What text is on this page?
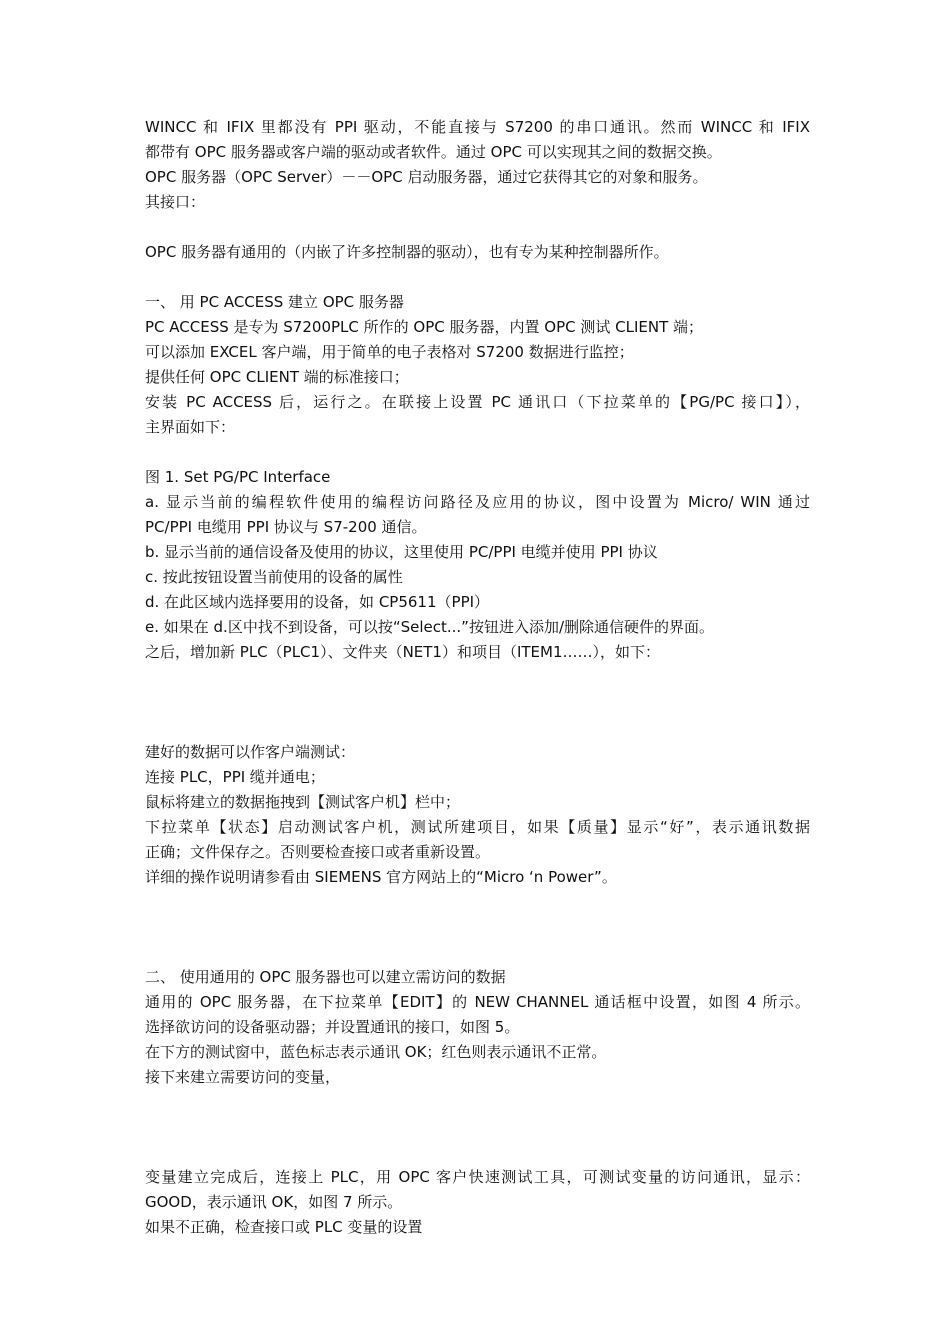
WINCC 和 IFIX 里都没有 PPI 驱动，不能直接与 S7200 的串口通讯。然而 WINCC 和 IFIX
都带有 OPC 服务器或客户端的驱动或者软件。通过 OPC 可以实现其之间的数据交换。
OPC 服务器（OPC Server）－－OPC 启动服务器，通过它获得其它的对象和服务。
其接口：
OPC 服务器有通用的（内嵌了许多控制器的驱动），也有专为某种控制器所作。
一、 用 PC ACCESS 建立 OPC 服务器
PC ACCESS 是专为 S7200PLC 所作的 OPC 服务器，内置 OPC 测试 CLIENT 端；
可以添加 EXCEL 客户端，用于简单的电子表格对 S7200 数据进行监控；
提供任何 OPC CLIENT 端的标准接口；
安装 PC ACCESS 后，运行之。在联接上设置 PC 通讯口（下拉菜单的【PG/PC 接口】），
主界面如下：
图 1. Set PG/PC Interface
a. 显示当前的编程软件使用的编程访问路径及应用的协议，图中设置为 Micro/ WIN 通过
PC/PPI 电缆用 PPI 协议与 S7-200 通信。
b. 显示当前的通信设备及使用的协议，这里使用 PC/PPI 电缆并使用 PPI 协议
c. 按此按钮设置当前使用的设备的属性
d. 在此区域内选择要用的设备，如 CP5611（PPI）
e. 如果在 d.区中找不到设备，可以按“Select...”按钮进入添加/删除通信硬件的界面。
之后，增加新 PLC（PLC1）、文件夹（NET1）和项目（ITEM1……），如下：
建好的数据可以作客户端测试：
连接 PLC，PPI 缆并通电；
鼠标将建立的数据拖拽到【测试客户机】栏中；
下拉菜单【状态】启动测试客户机，测试所建项目，如果【质量】显示“好”，表示通讯数据
正确；文件保存之。否则要检查接口或者重新设置。
详细的操作说明请参看由 SIEMENS 官方网站上的“Micro ‘n Power”。
二、 使用通用的 OPC 服务器也可以建立需访问的数据
通用的 OPC 服务器，在下拉菜单【EDIT】的 NEW CHANNEL 通话框中设置，如图 4 所示。
选择欲访问的设备驱动器；并设置通讯的接口，如图 5。
在下方的测试窗中，蓝色标志表示通讯 OK；红色则表示通讯不正常。
接下来建立需要访问的变量，
变量建立完成后，连接上 PLC，用 OPC 客户快速测试工具，可测试变量的访问通讯，显示：
GOOD，表示通讯 OK，如图 7 所示。
如果不正确，检查接口或 PLC 变量的设置
